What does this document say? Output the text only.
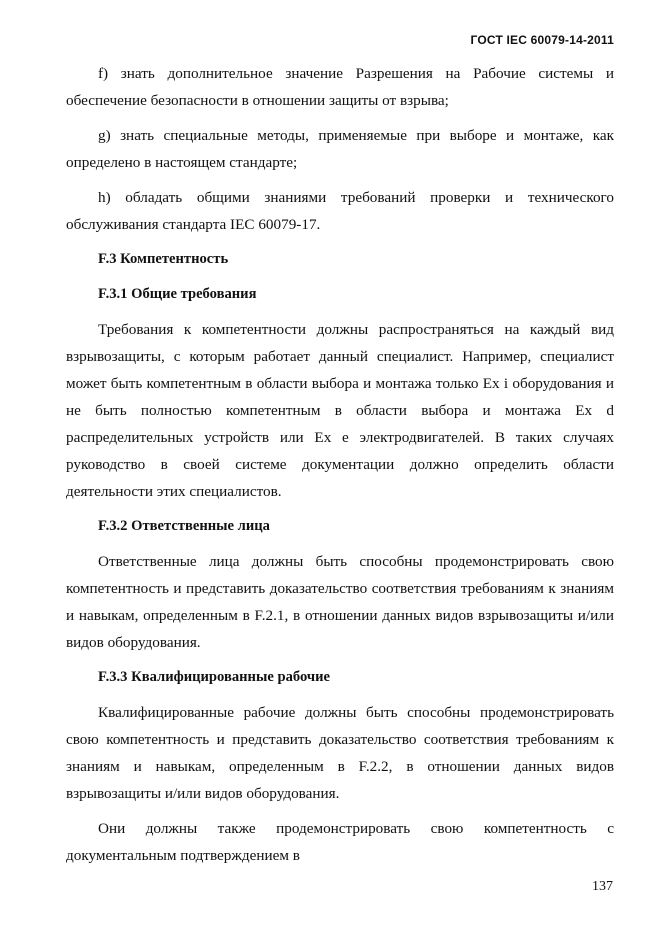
ГОСТ IEC 60079-14-2011

f) знать дополнительное значение Разрешения на Рабочие системы и обеспечение безопасности в отношении защиты от взрыва;

g) знать специальные методы, применяемые при выборе и монтаже, как определено в настоящем стандарте;

h) обладать общими знаниями требований проверки и технического обслуживания стандарта IEC 60079-17.

F.3 Компетентность
F.3.1 Общие требования

Требования к компетентности должны распространяться на каждый вид взрывозащиты, с которым работает данный специалист. Например, специалист может быть компетентным в области выбора и монтажа только Ex i оборудования и не быть полностью компетентным в области выбора и монтажа Ex d распределительных устройств или Ex e электродвигателей. В таких случаях руководство в своей системе документации должно определить области деятельности этих специалистов.

F.3.2 Ответственные лица

Ответственные лица должны быть способны продемонстрировать свою компетентность и представить доказательство соответствия требованиям к знаниям и навыкам, определенным в F.2.1, в отношении данных видов взрывозащиты и/или видов оборудования.

F.3.3 Квалифицированные рабочие

Квалифицированные рабочие должны быть способны продемонстрировать свою компетентность и представить доказательство соответствия требованиям к знаниям и навыкам, определенным в F.2.2, в отношении данных видов взрывозащиты и/или видов оборудования.

Они должны также продемонстрировать свою компетентность с документальным подтверждением в

137
